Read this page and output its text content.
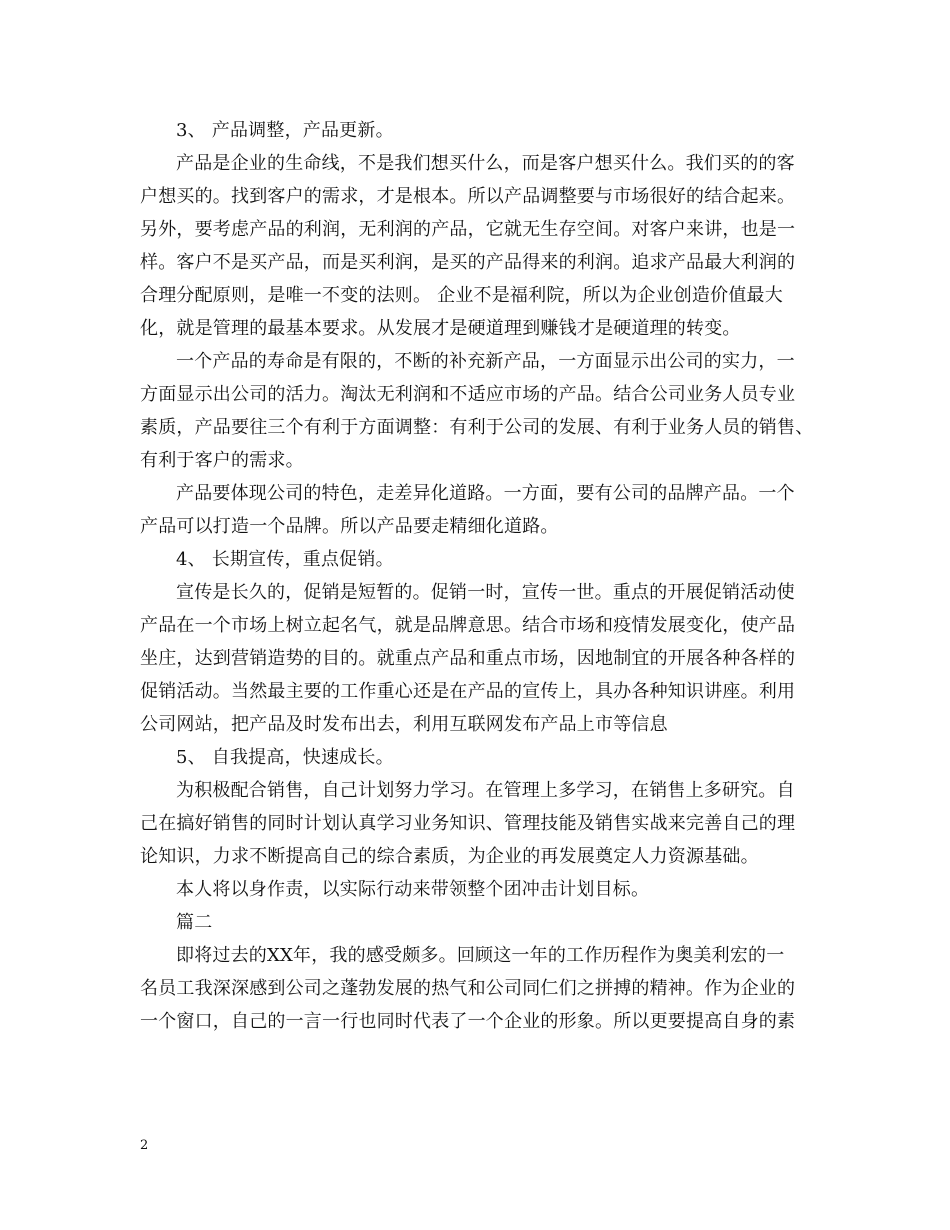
3、 产品调整，产品更新。
产品是企业的生命线，不是我们想买什么，而是客户想买什么。我们买的的客
户想买的。找到客户的需求，才是根本。所以产品调整要与市场很好的结合起来。
另外，要考虑产品的利润，无利润的产品，它就无生存空间。对客户来讲，也是一
样。客户不是买产品，而是买利润，是买的产品得来的利润。追求产品最大利润的
合理分配原则，是唯一不变的法则。 企业不是福利院，所以为企业创造价值最大
化，就是管理的最基本要求。从发展才是硬道理到赚钱才是硬道理的转变。
一个产品的寿命是有限的，不断的补充新产品，一方面显示出公司的实力，一
方面显示出公司的活力。淘汰无利润和不适应市场的产品。结合公司业务人员专业
素质，产品要往三个有利于方面调整：有利于公司的发展、有利于业务人员的销售、
有利于客户的需求。
产品要体现公司的特色，走差异化道路。一方面，要有公司的品牌产品。一个
产品可以打造一个品牌。所以产品要走精细化道路。
4、 长期宣传，重点促销。
宣传是长久的，促销是短暂的。促销一时，宣传一世。重点的开展促销活动使
产品在一个市场上树立起名气，就是品牌意思。结合市场和疫情发展变化，使产品
坐庄，达到营销造势的目的。就重点产品和重点市场，因地制宜的开展各种各样的
促销活动。当然最主要的工作重心还是在产品的宣传上，具办各种知识讲座。利用
公司网站，把产品及时发布出去，利用互联网发布产品上市等信息
5、 自我提高，快速成长。
为积极配合销售，自己计划努力学习。在管理上多学习，在销售上多研究。自
己在搞好销售的同时计划认真学习业务知识、管理技能及销售实战来完善自己的理
论知识，力求不断提高自己的综合素质，为企业的再发展奠定人力资源基础。
本人将以身作责，以实际行动来带领整个团冲击计划目标。
篇二
即将过去的XX年，我的感受颇多。回顾这一年的工作历程作为奥美利宏的一
名员工我深深感到公司之蓬勃发展的热气和公司同仁们之拼搏的精神。作为企业的
一个窗口，自己的一言一行也同时代表了一个企业的形象。所以更要提高自身的素
2
